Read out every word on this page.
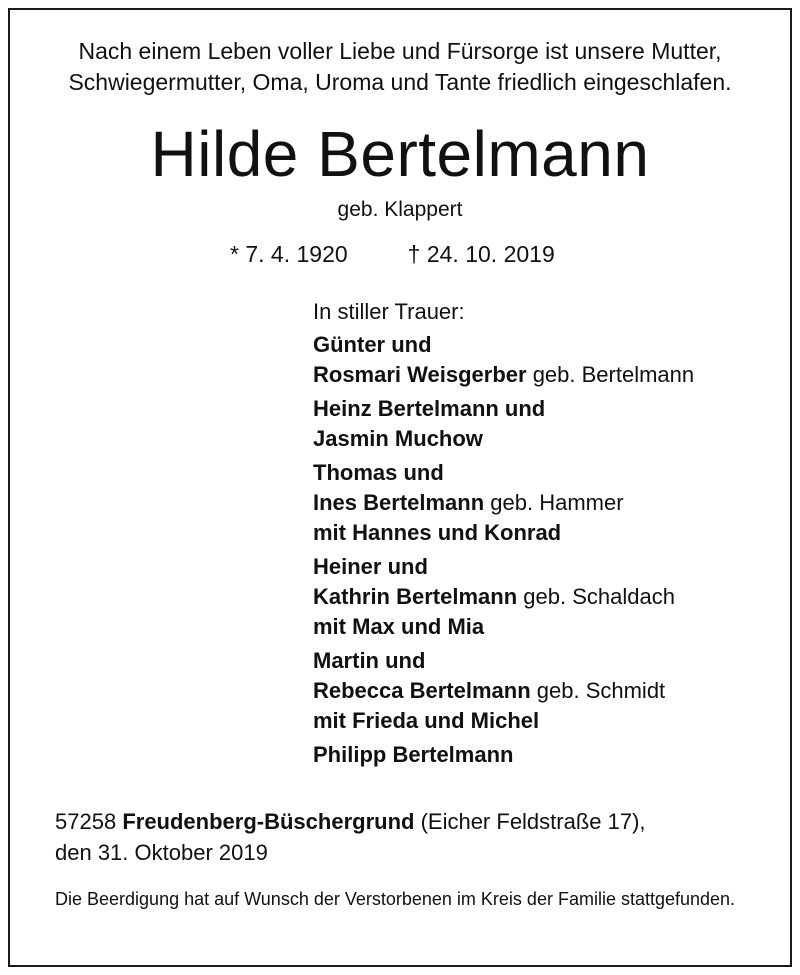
Nach einem Leben voller Liebe und Fürsorge ist unsere Mutter,
Schwiegermutter, Oma, Uroma und Tante friedlich eingeschlafen.
Hilde Bertelmann
geb. Klappert
* 7. 4. 1920	† 24. 10. 2019
In stiller Trauer:
Günter und
Rosmari Weisgerber geb. Bertelmann
Heinz Bertelmann und
Jasmin Muchow
Thomas und
Ines Bertelmann geb. Hammer
mit Hannes und Konrad
Heiner und
Kathrin Bertelmann geb. Schaldach
mit Max und Mia
Martin und
Rebecca Bertelmann geb. Schmidt
mit Frieda und Michel
Philipp Bertelmann
57258 Freudenberg-Büschergrund (Eicher Feldstraße 17),
den 31. Oktober 2019
Die Beerdigung hat auf Wunsch der Verstorbenen im Kreis der Familie stattgefunden.
